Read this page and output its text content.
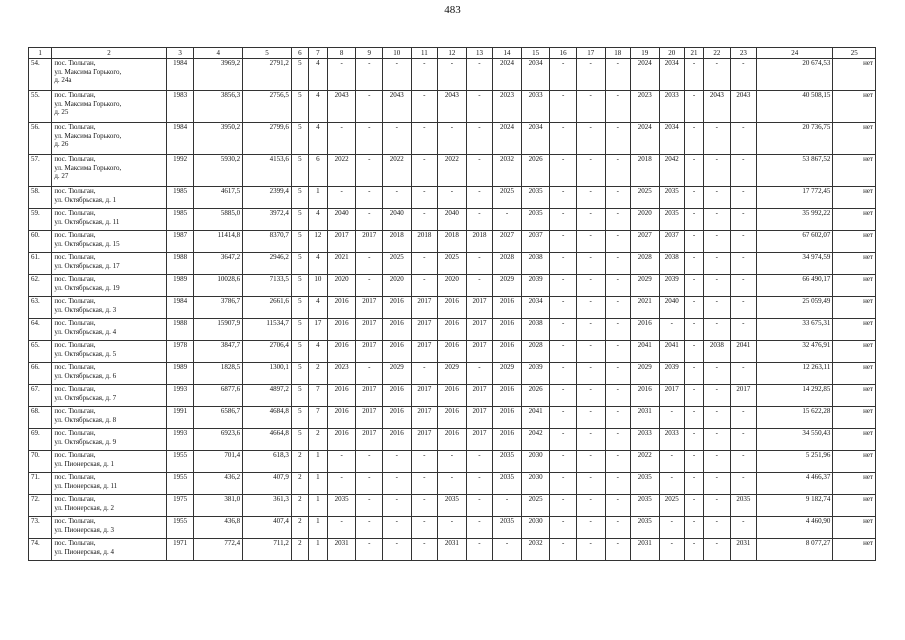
483
1	2	3	4	5	6	7	8	9	10	11	12	13	14	15	16	17	18	19	20	21	22	23	24	25
54.	пос. Тюльган,
ул. Максима Горького,
д. 24а	1984	3969,2	2791,2	5	4	-	-	-	-	-	-	2024	2034	-	-	-	2024	2034	-	-	-	20 674,53	нет
55.	пос. Тюльган,
ул. Максима Горького,
д. 25	1983	3856,3	2756,5	5	4	2043	-	2043	-	2043	-	2023	2033	-	-	-	2023	2033	-	2043	2043	40 508,15	нет
56.	пос. Тюльган,
ул. Максима Горького,
д. 26	1984	3950,2	2799,6	5	4	-	-	-	-	-	-	2024	2034	-	-	-	2024	2034	-	-	-	20 736,75	нет
57.	пос. Тюльган,
ул. Максима Горького,
д. 27	1992	5930,2	4153,6	5	6	2022	-	2022	-	2022	-	2032	2026	-	-	-	2018	2042	-	-	-	53 867,52	нет
58.	пос. Тюльган,
ул. Октябрьская, д. 1	1985	4617,5	2399,4	5	1	-	-	-	-	-	-	2025	2035	-	-	-	2025	2035	-	-	-	17 772,45	нет
59.	пос. Тюльган,
ул. Октябрьская, д. 11	1985	5885,0	3972,4	5	4	2040	-	2040	-	2040	-	-	2035	-	-	-	2020	2035	-	-	-	35 992,22	нет
60.	пос. Тюльган,
ул. Октябрьская, д. 15	1987	11414,8	8370,7	5	12	2017	2017	2018	2018	2018	2018	2027	2037	-	-	-	2027	2037	-	-	-	67 602,07	нет
61.	пос. Тюльган,
ул. Октябрьская, д. 17	1988	3647,2	2946,2	5	4	2021	-	2025	-	2025	-	2028	2038	-	-	-	2028	2038	-	-	-	34 974,59	нет
62.	пос. Тюльган,
ул. Октябрьская, д. 19	1989	10028,6	7133,5	5	10	2020	-	2020	-	2020	-	2029	2039	-	-	-	2029	2039	-	-	-	66 490,17	нет
63.	пос. Тюльган,
ул. Октябрьская, д. 3	1984	3786,7	2661,6	5	4	2016	2017	2016	2017	2016	2017	2016	2034	-	-	-	2021	2040	-	-	-	25 059,49	нет
64.	пос. Тюльган,
ул. Октябрьская, д. 4	1988	15907,9	11534,7	5	17	2016	2017	2016	2017	2016	2017	2016	2038	-	-	-	2016	-	-	-	-	33 675,31	нет
65.	пос. Тюльган,
ул. Октябрьская, д. 5	1978	3847,7	2706,4	5	4	2016	2017	2016	2017	2016	2017	2016	2028	-	-	-	2041	2041	-	2038	2041	32 476,91	нет
66.	пос. Тюльган,
ул. Октябрьская, д. 6	1989	1828,5	1300,1	5	2	2023	-	2029	-	2029	-	2029	2039	-	-	-	2029	2039	-	-	-	12 263,11	нет
67.	пос. Тюльган,
ул. Октябрьская, д. 7	1993	6877,6	4897,2	5	7	2016	2017	2016	2017	2016	2017	2016	2026	-	-	-	2016	2017	-	-	2017	14 292,85	нет
68.	пос. Тюльган,
ул. Октябрьская, д. 8	1991	6586,7	4684,8	5	7	2016	2017	2016	2017	2016	2017	2016	2041	-	-	-	2031	-	-	-	-	15 622,28	нет
69.	пос. Тюльган,
ул. Октябрьская, д. 9	1993	6923,6	4664,8	5	2	2016	2017	2016	2017	2016	2017	2016	2042	-	-	-	2033	2033	-	-	-	34 550,43	нет
70.	пос. Тюльган,
ул. Пионерская, д. 1	1955	701,4	618,3	2	1	-	-	-	-	-	-	2035	2030	-	-	-	2022	-	-	-	-	5 251,96	нет
71.	пос. Тюльган,
ул. Пионерская, д. 11	1955	436,2	407,9	2	1	-	-	-	-	-	-	2035	2030	-	-	-	2035	-	-	-	-	4 466,37	нет
72.	пос. Тюльган,
ул. Пионерская, д. 2	1975	381,0	361,3	2	1	2035	-	-	-	2035	-	-	2025	-	-	-	2035	2025	-	-	2035	9 182,74	нет
73.	пос. Тюльган,
ул. Пионерская, д. 3	1955	436,8	407,4	2	1	-	-	-	-	-	-	2035	2030	-	-	-	2035	-	-	-	-	4 460,90	нет
74.	пос. Тюльган,
ул. Пионерская, д. 4	1971	772,4	711,2	2	1	2031	-	-	-	2031	-	-	2032	-	-	-	2031	-	-	-	2031	8 077,27	нет
